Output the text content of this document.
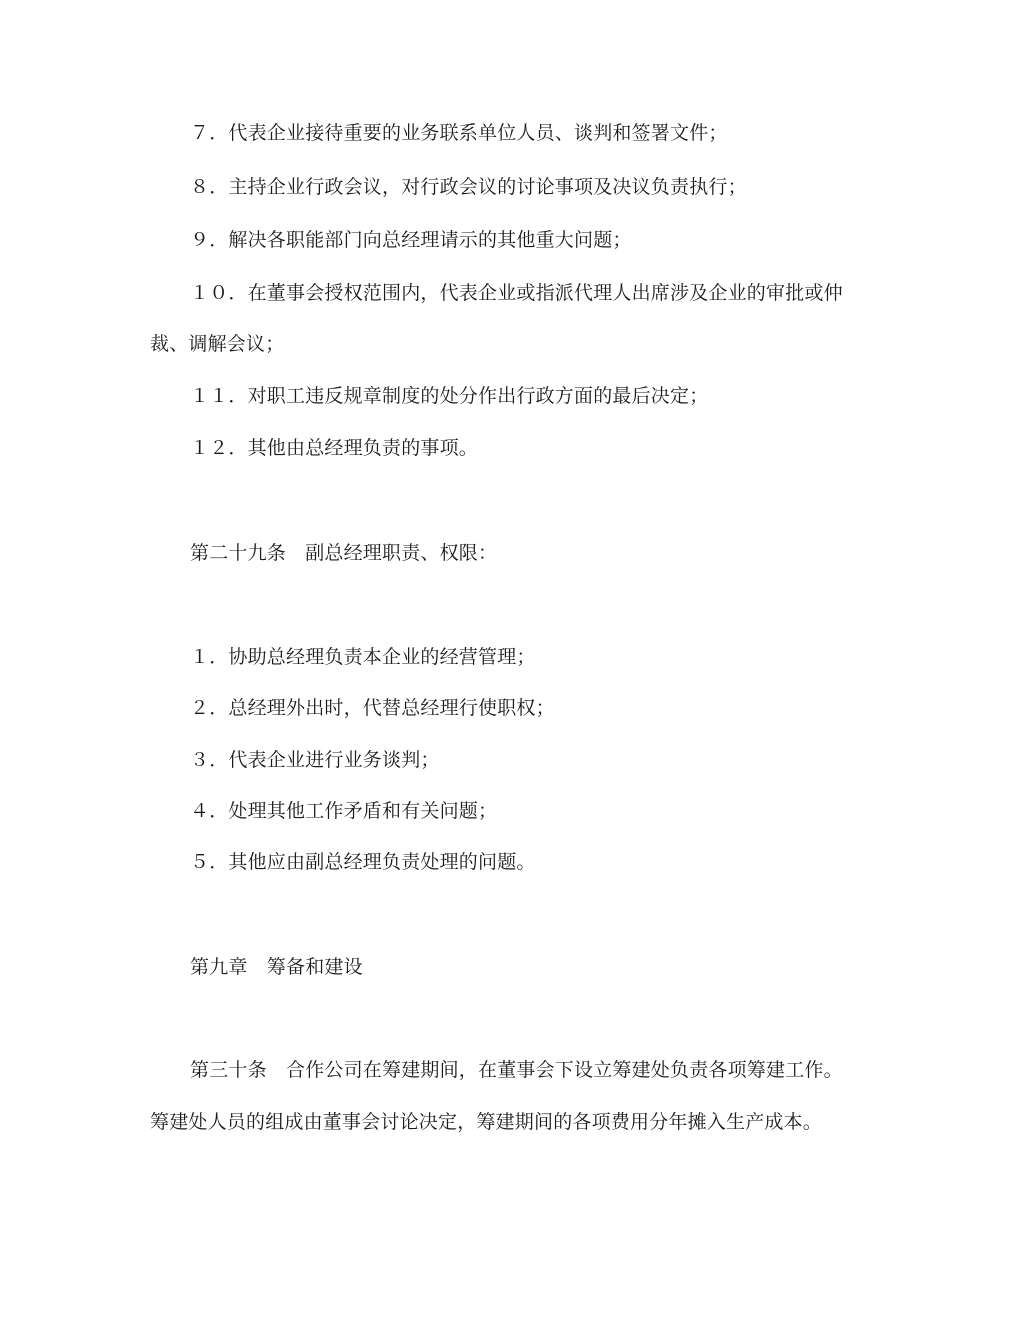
７．代表企业接待重要的业务联系单位人员、谈判和签署文件；
８．主持企业行政会议，对行政会议的讨论事项及决议负责执行；
９．解决各职能部门向总经理请示的其他重大问题；
１０．在董事会授权范围内，代表企业或指派代理人出席涉及企业的审批或仲
裁、调解会议；
１１．对职工违反规章制度的处分作出行政方面的最后决定；
１２．其他由总经理负责的事项。
第二十九条　副总经理职责、权限：
１．协助总经理负责本企业的经营管理；
２．总经理外出时，代替总经理行使职权；
３．代表企业进行业务谈判；
４．处理其他工作矛盾和有关问题；
５．其他应由副总经理负责处理的问题。
第九章　筹备和建设
第三十条　合作公司在筹建期间，在董事会下设立筹建处负责各项筹建工作。
筹建处人员的组成由董事会讨论决定，筹建期间的各项费用分年摊入生产成本。
